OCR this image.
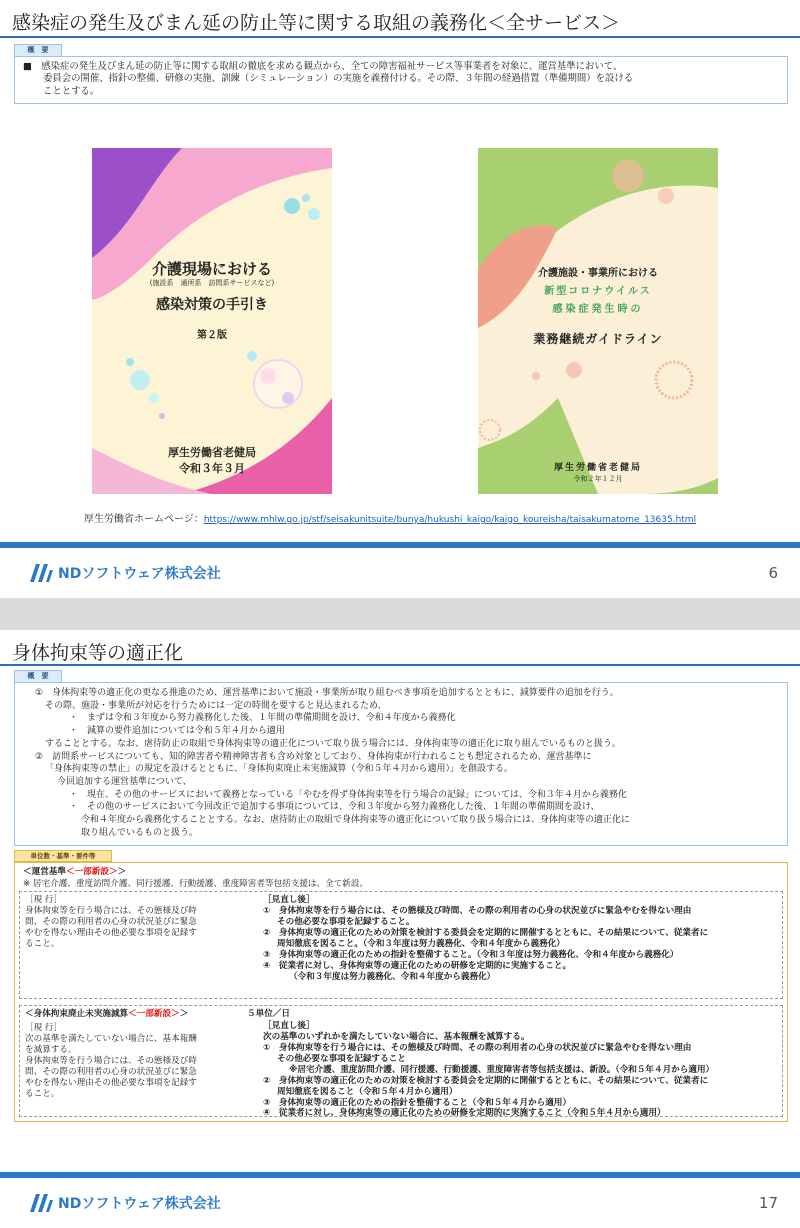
感染症の発生及びまん延の防止等に関する取組の義務化＜全サービス＞
概　要

■　感染症の発生及びまん延の防止等に関する取組の徹底を求める観点から、全ての障害福祉サービス等事業者を対象に、運営基準において、

委員会の開催、指針の整備、研修の実施、訓練（シミュレーション）の実施を義務付ける。その際、３年間の経過措置（準備期間）を設ける

こととする。

介護現場における
(施設系　通所系　訪問系サービスなど)
感染対策の手引き
第２版
厚生労働省老健局
令和３年３月
介護施設・事業所における
新型コロナウイルス
感染症発生時の
業務継続ガイドライン
厚生労働省老健局
令和２年１２月
厚生労働省ホームページ：https://www.mhlw.go.jp/stf/seisakunitsuite/bunya/hukushi_kaigo/kaigo_koureisha/taisakumatome_13635.html
NDソフトウェア株式会社	6
身体拘束等の適正化
概　要

①　身体拘束等の適正化の更なる推進のため、運営基準において施設・事業所が取り組むべき事項を追加するとともに、減算要件の追加を行う。

その際、施設・事業所が対応を行うためには一定の時間を要すると見込まれるため、

・　まずは令和３年度から努力義務化した後、１年間の準備期間を設け、令和４年度から義務化

・　減算の要件追加については令和５年４月から適用

することとする。なお、虐待防止の取組で身体拘束等の適正化について取り扱う場合には、身体拘束等の適正化に取り組んでいるものと扱う。

②　訪問系サービスについても、知的障害者や精神障害者も含め対象としており、身体拘束が行われることも想定されるため、運営基準に

「身体拘束等の禁止」の規定を設けるとともに、「身体拘束廃止未実施減算（令和５年４月から適用）」を創設する。

今回追加する運営基準について、

・　現在、その他のサービスにおいて義務となっている「やむを得ず身体拘束等を行う場合の記録」については、令和３年４月から義務化

・　その他のサービスにおいて今回改正で追加する事項については、令和３年度から努力義務化した後、１年間の準備期間を設け、

令和４年度から義務化することとする。なお、虐待防止の取組で身体拘束等の適正化について取り扱う場合には、身体拘束等の適正化に

取り組んでいるものと扱う。

単位数・基準・要件等
＜運営基準＜一部新設＞＞
※ 居宅介護、重度訪問介護、同行援護、行動援護、重度障害者等包括支援は、全て新設。
［現 行］
身体拘束等を行う場合には、その態様及び時
間、その際の利用者の心身の状況並びに緊急
やむを得ない理由その他必要な事項を記録す
ること。
［見直し後］
①　身体拘束等を行う場合には、その態様及び時間、その際の利用者の心身の状況並びに緊急やむを得ない理由
その他必要な事項を記録すること。
②　身体拘束等の適正化のための対策を検討する委員会を定期的に開催するとともに、その結果について、従業者に
周知徹底を図ること。（令和３年度は努力義務化、令和４年度から義務化）
③　身体拘束等の適正化のための指針を整備すること。（令和３年度は努力義務化、令和４年度から義務化）
④　従業者に対し、身体拘束等の適正化のための研修を定期的に実施すること。
（令和３年度は努力義務化、令和４年度から義務化）
＜身体拘束廃止未実施減算＜一部新設＞＞	５単位／日
［現 行］
次の基準を満たしていない場合に、基本報酬
を減算する。
身体拘束等を行う場合には、その態様及び時
間、その際の利用者の心身の状況並びに緊急
やむを得ない理由その他必要な事項を記録す
ること。
［見直し後］
次の基準のいずれかを満たしていない場合に、基本報酬を減算する。
①　身体拘束等を行う場合には、その態様及び時間、その際の利用者の心身の状況並びに緊急やむを得ない理由
その他必要な事項を記録すること
※居宅介護、重度訪問介護、同行援護、行動援護、重度障害者等包括支援は、新設。（令和５年４月から適用）
②　身体拘束等の適正化のための対策を検討する委員会を定期的に開催するとともに、その結果について、従業者に
周知徹底を図ること（令和５年４月から適用）
③　身体拘束等の適正化のための指針を整備すること（令和５年４月から適用）
④　従業者に対し、身体拘束等の適正化のための研修を定期的に実施すること（令和５年４月から適用）
NDソフトウェア株式会社	17
